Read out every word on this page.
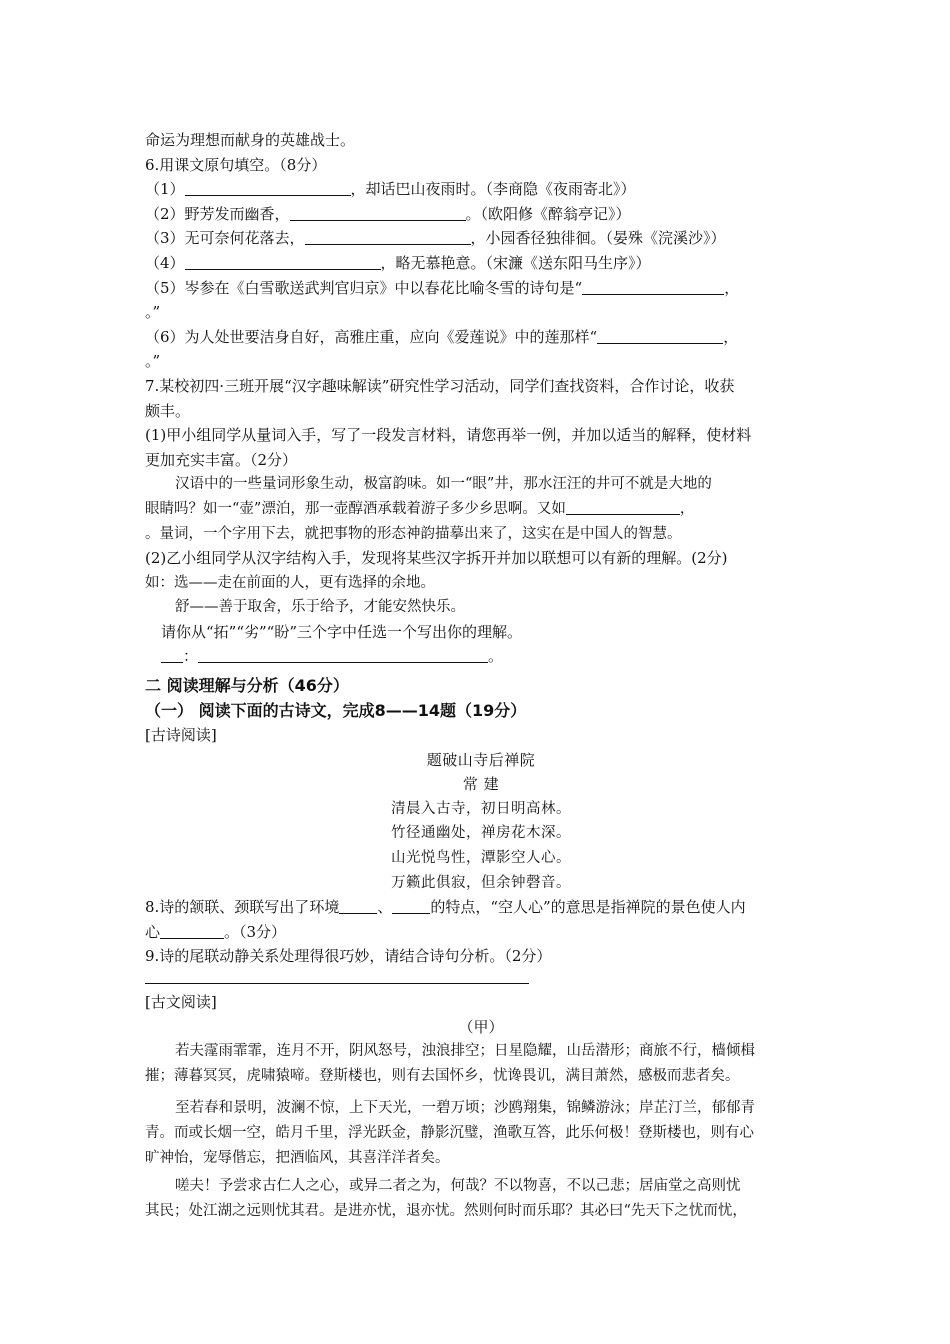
命运为理想而献身的英雄战士。
6.用课文原句填空。（8分）
（1）	，却话巴山夜雨时。（李商隐《夜雨寄北》）
（2）野芳发而幽香，	。（欧阳修《醉翁亭记》）
（3）无可奈何花落去，	，小园香径独徘徊。（晏殊《浣溪沙》）
（4）	，略无慕艳意。（宋濂《送东阳马生序》）
（5）岑参在《白雪歌送武判官归京》中以春花比喻冬雪的诗句是“	，
。”
（6）为人处世要洁身自好，高雅庄重，应向《爱莲说》中的莲那样“	，
。”
7.某校初四·三班开展“汉字趣味解读”研究性学习活动，同学们查找资料，合作讨论，收获
颇丰。
(1)甲小组同学从量词入手，写了一段发言材料，请您再举一例，并加以适当的解释，使材料
更加充实丰富。（2分）
汉语中的一些量词形象生动，极富韵味。如一“眼”井，那水汪汪的井可不就是大地的
眼睛吗？如一“壶”漂泊，那一壶醇酒承载着游子多少乡思啊。又如	，
。量词，一个字用下去，就把事物的形态神韵描摹出来了，这实在是中国人的智慧。
(2)乙小组同学从汉字结构入手，发现将某些汉字拆开并加以联想可以有新的理解。(2分)
如：选——走在前面的人，更有选择的余地。
舒——善于取舍，乐于给予，才能安然快乐。
请你从“拓”“劣”“盼”三个字中任选一个写出你的理解。
：	。
二 阅读理解与分析（46分）
（一） 阅读下面的古诗文，完成8——14题（19分）
[古诗阅读]
题破山寺后禅院
常 建
清晨入古寺，初日明高林。
竹径通幽处，禅房花木深。
山光悦鸟性，潭影空人心。
万籁此俱寂，但余钟磬音。
8.诗的颔联、颈联写出了环境	、	的特点，“空人心”的意思是指禅院的景色使人内
心	。（3分）
9.诗的尾联动静关系处理得很巧妙，请结合诗句分析。（2分）
[古文阅读]
（甲）
若夫霪雨霏霏，连月不开，阴风怒号，浊浪排空；日星隐耀，山岳潜形；商旅不行，樯倾楫
摧；薄暮冥冥，虎啸猿啼。登斯楼也，则有去国怀乡，忧谗畏讥，满目萧然，感极而悲者矣。
至若春和景明，波澜不惊，上下天光，一碧万顷；沙鸥翔集，锦鳞游泳；岸芷汀兰，郁郁青
青。而或长烟一空，皓月千里，浮光跃金，静影沉璧，渔歌互答，此乐何极！登斯楼也，则有心
旷神怡，宠辱偕忘，把酒临风，其喜洋洋者矣。
嗟夫！予尝求古仁人之心，或异二者之为，何哉？不以物喜，不以己悲；居庙堂之高则忧
其民；处江湖之远则忧其君。是进亦忧，退亦忧。然则何时而乐耶？其必曰“先天下之忧而忧，
